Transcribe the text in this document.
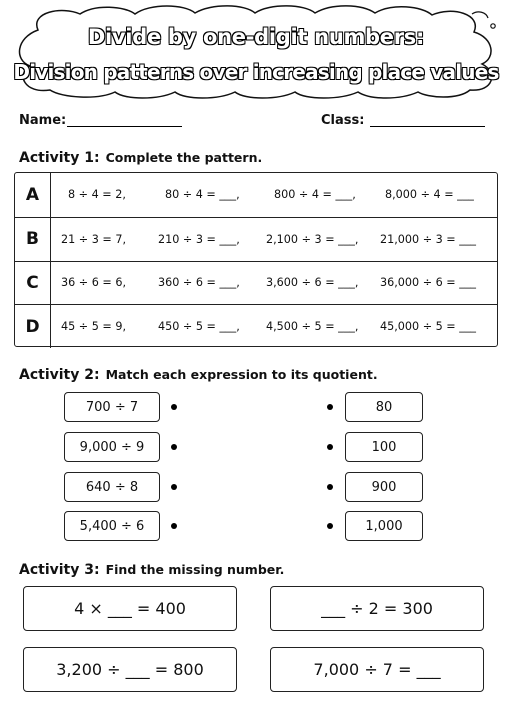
Divide by one-digit numbers:
Division patterns over increasing place values
Name:	Class:
Activity 1: Complete the pattern.
A	8 ÷ 4 = 2,	80 ÷ 4 = ___,	800 ÷ 4 = ___,	8,000 ÷ 4 = ___
B	21 ÷ 3 = 7,	210 ÷ 3 = ___, 2,100 ÷ 3 = ___, 21,000 ÷ 3 = ___
C	36 ÷ 6 = 6,	360 ÷ 6 = ___, 3,600 ÷ 6 = ___, 36,000 ÷ 6 = ___
D	45 ÷ 5 = 9,	450 ÷ 5 = ___, 4,500 ÷ 5 = ___, 45,000 ÷ 5 = ___
Activity 2: Match each expression to its quotient.
700 ÷ 7
9,000 ÷ 9
640 ÷ 8
5,400 ÷ 6
80
100
900
1,000
Activity 3: Find the missing number.
4 × ___ = 400	___ ÷ 2 = 300
3,200 ÷ ___ = 800	7,000 ÷ 7 = ___
